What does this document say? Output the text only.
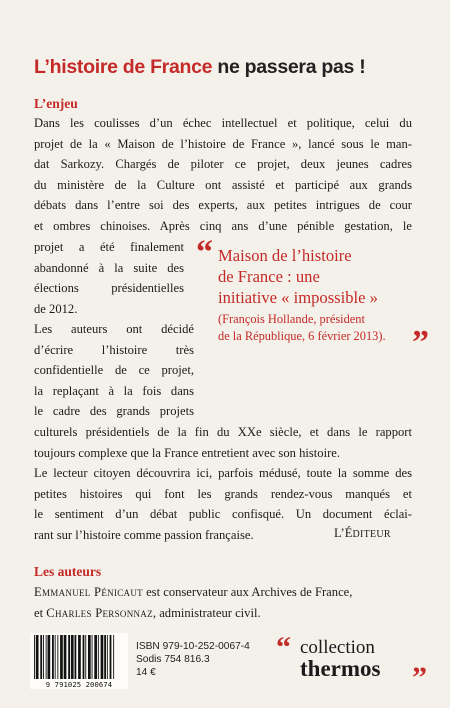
L’histoire de France ne passera pas !
L’enjeu
Dans les coulisses d’un échec intellectuel et politique, celui du
projet de la « Maison de l’histoire de France », lancé sous le man-
dat Sarkozy. Chargés de piloter ce projet, deux jeunes cadres
du ministère de la Culture ont assisté et participé aux grands
débats dans l’entre soi des experts, aux petites intrigues de cour
et ombres chinoises. Après cinq ans d’une pénible gestation, le
projet a été finalement
abandonné à la suite des
élections présidentielles
de 2012.
Les auteurs ont décidé
d’écrire l’histoire très
confidentielle de ce projet,
la replaçant à la fois dans
le cadre des grands projets
culturels présidentiels de la fin du XXe siècle, et dans le rapport
toujours complexe que la France entretient avec son histoire.
Le lecteur citoyen découvrira ici, parfois médusé, toute la somme des
petites histoires qui font les grands rendez-vous manqués et
le sentiment d’un débat public confisqué. Un document éclai-
rant sur l’histoire comme passion française.	L’ÉDITEUR
“ Maison de l’histoire
de France : une
initiative « impossible »
(François Hollande, président
de la République, 6 février 2013). ”
Les auteurs
Emmanuel Pénicaut est conservateur aux Archives de France,
et Charles Personnaz, administrateur civil.
9 791025 200674
ISBN 979-10-252-0067-4
Sodis 754 816.3
14 €
“ collection
thermos ”
